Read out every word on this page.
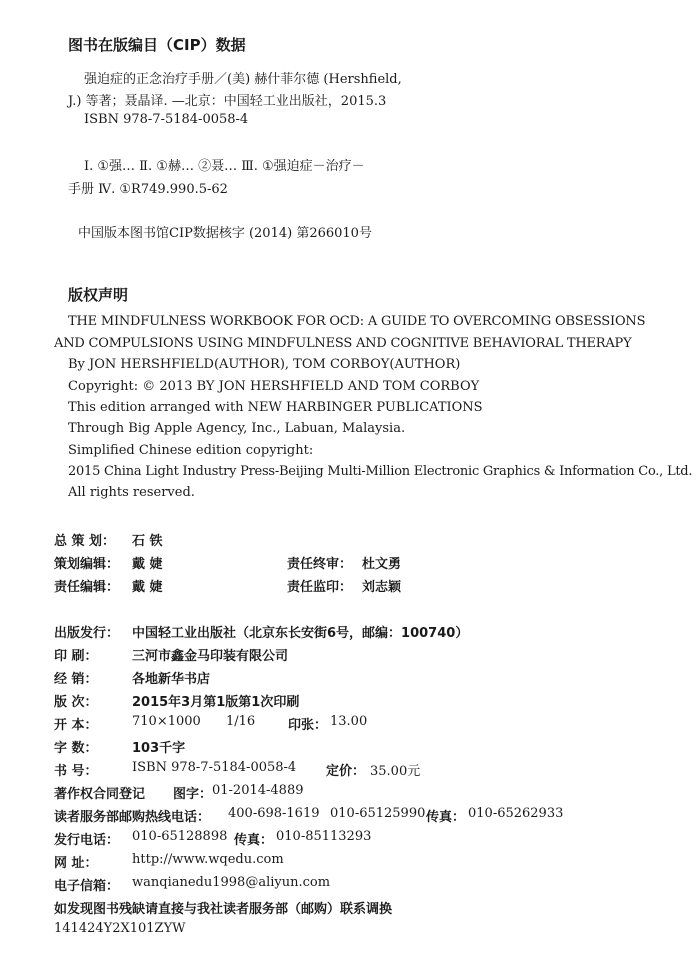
图书在版编目（CIP）数据
强迫症的正念治疗手册／(美) 赫什菲尔德 (Hershfield,
J.) 等著；聂晶译. —北京：中国轻工业出版社，2015.3
ISBN 978-7-5184-0058-4
Ⅰ. ①强… Ⅱ. ①赫… ②聂… Ⅲ. ①强迫症－治疗－
手册 Ⅳ. ①R749.990.5-62
中国版本图书馆CIP数据核字 (2014) 第266010号
版权声明
THE MINDFULNESS WORKBOOK FOR OCD: A GUIDE TO OVERCOMING OBSESSIONS
AND COMPULSIONS USING MINDFULNESS AND COGNITIVE BEHAVIORAL THERAPY
By JON HERSHFIELD(AUTHOR), TOM CORBOY(AUTHOR)
Copyright: © 2013 BY JON HERSHFIELD AND TOM CORBOY
This edition arranged with NEW HARBINGER PUBLICATIONS
Through Big Apple Agency, Inc., Labuan, Malaysia.
Simplified Chinese edition copyright:
2015 China Light Industry Press-Beijing Multi-Million Electronic Graphics & Information Co., Ltd.
All rights reserved.
总 策 划： 石 铁
策划编辑： 戴 婕	责任终审： 杜文勇
责任编辑： 戴 婕	责任监印： 刘志颖
出版发行： 中国轻工业出版社（北京东长安街6号，邮编：100740）
印 刷：	三河市鑫金马印装有限公司
经 销：	各地新华书店
版 次：	2015年3月第1版第1次印刷
开 本：	710×1000 1/16	印张： 13.00
字 数：	103千字
书 号：	ISBN 978-7-5184-0058-4 定价： 35.00元
著作权合同登记 图字： 01-2014-4889
读者服务部邮购热线电话： 400-698-1619 010-65125990 传真： 010-65262933
发行电话： 010-65128898 传真： 010-85113293
网 址：	http://www.wqedu.com
电子信箱： wanqianedu1998@aliyun.com
如发现图书残缺请直接与我社读者服务部（邮购）联系调换
141424Y2X101ZYW
